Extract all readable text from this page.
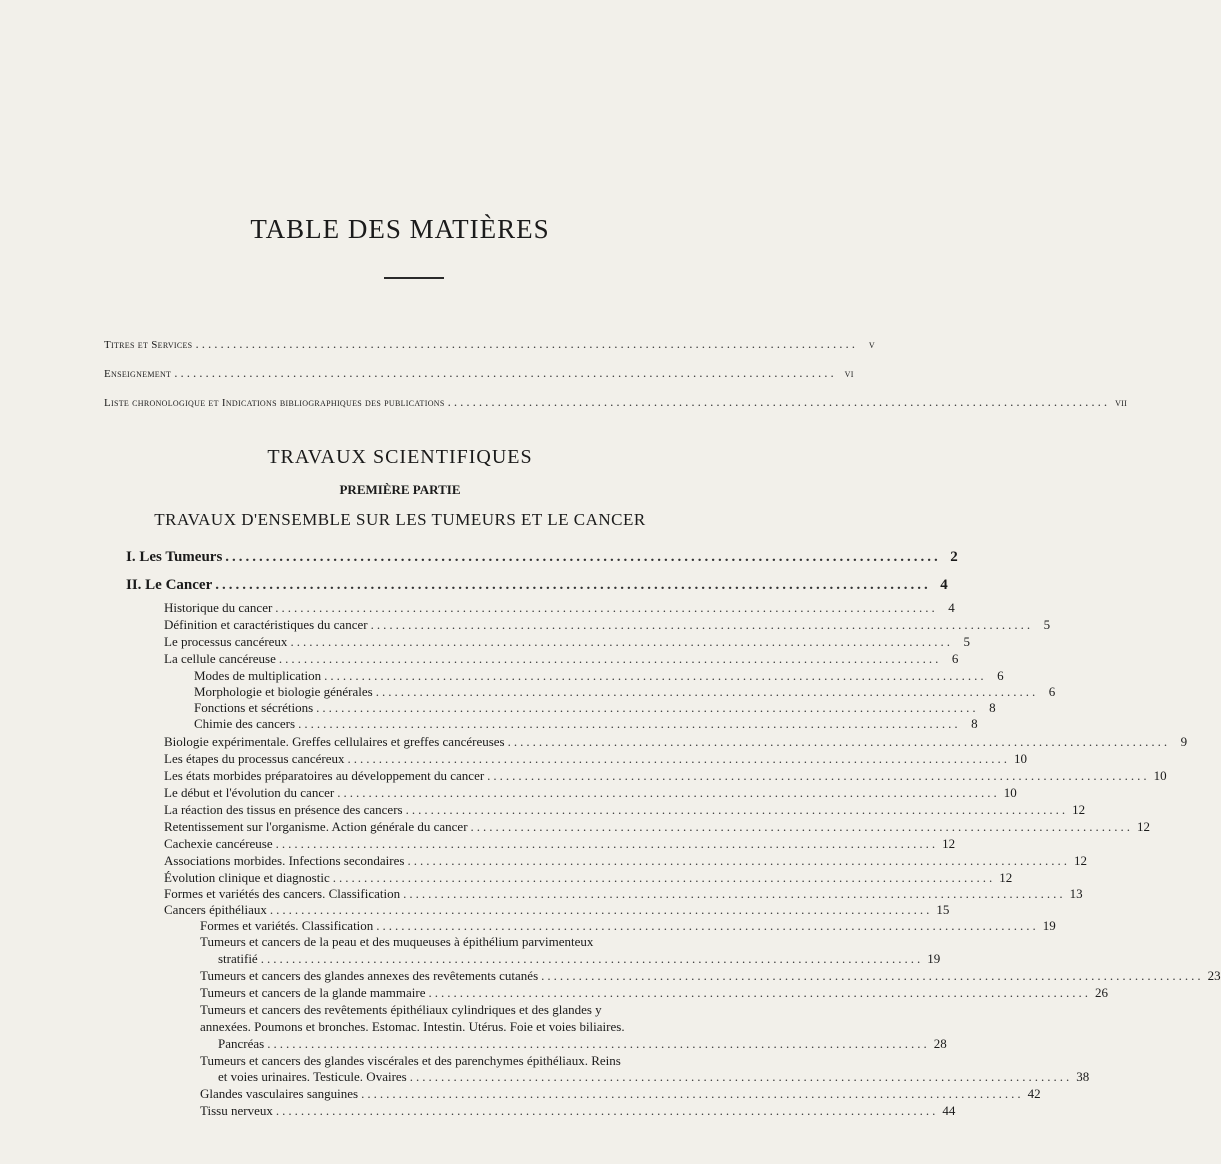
TABLE DES MATIÈRES
Titres et Services .......................................................................................................... v
Enseignement .......................................................................................................... vi
Liste chronologique et Indications bibliographiques des publications .......................................................................................................... vii
TRAVAUX SCIENTIFIQUES
PREMIÈRE PARTIE
TRAVAUX D'ENSEMBLE SUR LES TUMEURS ET LE CANCER
I. Les Tumeurs .......................................................................................................... 2
II. Le Cancer .......................................................................................................... 4
Historique du cancer .......................................................................................................... 4
Définition et caractéristiques du cancer .......................................................................................................... 5
Le processus cancéreux .......................................................................................................... 5
La cellule cancéreuse .......................................................................................................... 6
Modes de multiplication .......................................................................................................... 6
Morphologie et biologie générales .......................................................................................................... 6
Fonctions et sécrétions .......................................................................................................... 8
Chimie des cancers .......................................................................................................... 8
Biologie expérimentale. Greffes cellulaires et greffes cancéreuses .......................................................................................................... 9
Les étapes du processus cancéreux .......................................................................................................... 10
Les états morbides préparatoires au développement du cancer .......................................................................................................... 10
Le début et l'évolution du cancer .......................................................................................................... 10
La réaction des tissus en présence des cancers .......................................................................................................... 12
Retentissement sur l'organisme. Action générale du cancer .......................................................................................................... 12
Cachexie cancéreuse .......................................................................................................... 12
Associations morbides. Infections secondaires .......................................................................................................... 12
Évolution clinique et diagnostic .......................................................................................................... 12
Formes et variétés des cancers. Classification .......................................................................................................... 13
Cancers épithéliaux .......................................................................................................... 15
Formes et variétés. Classification .......................................................................................................... 19
Tumeurs et cancers de la peau et des muqueuses à épithélium parvimenteux
stratifié .......................................................................................................... 19
Tumeurs et cancers des glandes annexes des revêtements cutanés .......................................................................................................... 23
Tumeurs et cancers de la glande mammaire .......................................................................................................... 26
Tumeurs et cancers des revêtements épithéliaux cylindriques et des glandes y
annexées. Poumons et bronches. Estomac. Intestin. Utérus. Foie et voies biliaires.
Pancréas .......................................................................................................... 28
Tumeurs et cancers des glandes viscérales et des parenchymes épithéliaux. Reins
et voies urinaires. Testicule. Ovaires .......................................................................................................... 38
Glandes vasculaires sanguines .......................................................................................................... 42
Tissu nerveux .......................................................................................................... 44
